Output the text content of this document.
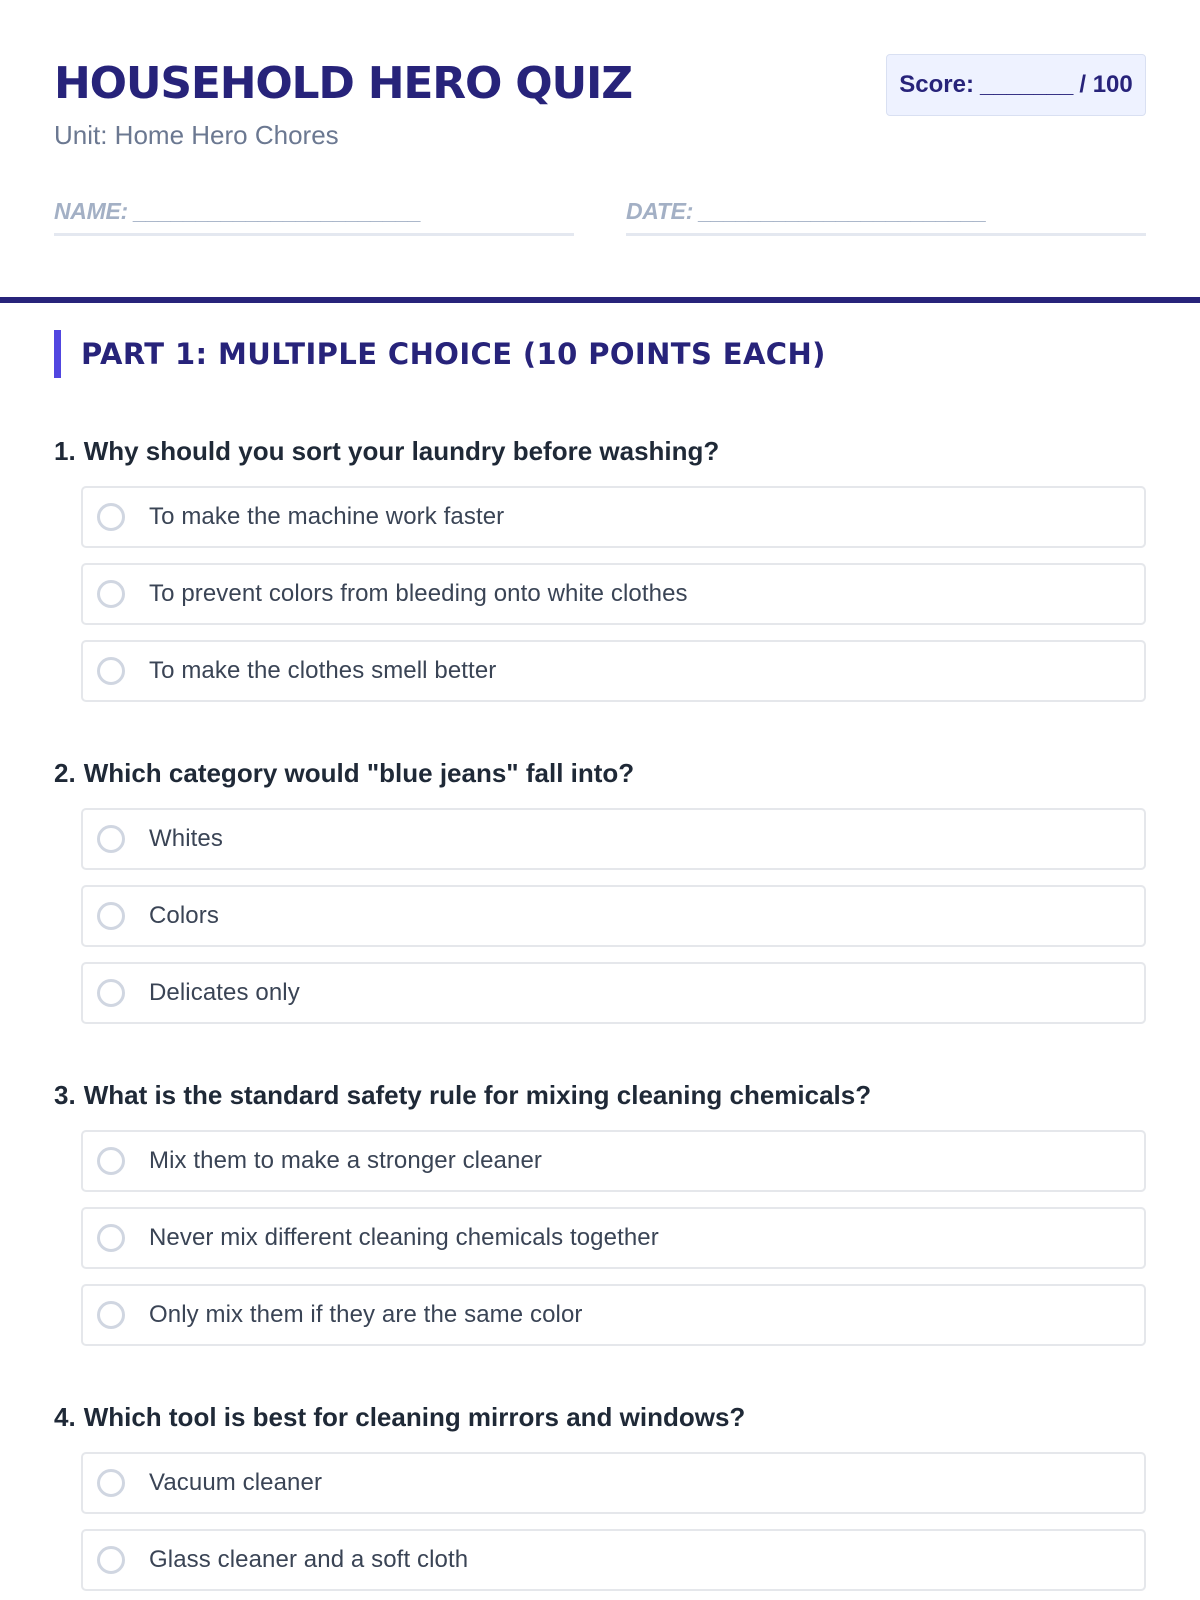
HOUSEHOLD HERO QUIZ
Unit: Home Hero Chores
Score: _______ / 100
NAME: _______________________	DATE: _______________________
PART 1: MULTIPLE CHOICE (10 POINTS EACH)
1. Why should you sort your laundry before washing?
To make the machine work faster
To prevent colors from bleeding onto white clothes
To make the clothes smell better
2. Which category would "blue jeans" fall into?
Whites
Colors
Delicates only
3. What is the standard safety rule for mixing cleaning chemicals?
Mix them to make a stronger cleaner
Never mix different cleaning chemicals together
Only mix them if they are the same color
4. Which tool is best for cleaning mirrors and windows?
Vacuum cleaner
Glass cleaner and a soft cloth
